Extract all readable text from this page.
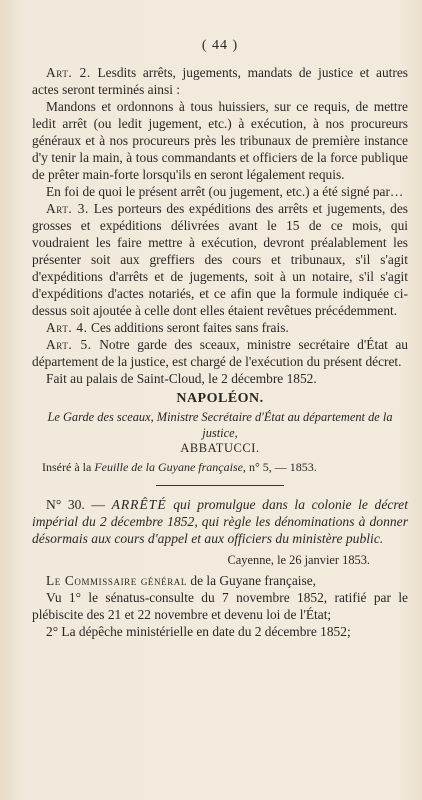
( 44 )

Art. 2. Lesdits arrêts, jugements, mandats de justice et autres actes seront terminés ainsi :

Mandons et ordonnons à tous huissiers, sur ce requis, de mettre ledit arrêt (ou ledit jugement, etc.) à exécution, à nos procureurs généraux et à nos procureurs près les tribunaux de première instance d'y tenir la main, à tous commandants et officiers de la force publique de prêter main-forte lorsqu'ils en seront légalement requis.

En foi de quoi le présent arrêt (ou jugement, etc.) a été signé par…

Art. 3. Les porteurs des expéditions des arrêts et jugements, des grosses et expéditions délivrées avant le 15 de ce mois, qui voudraient les faire mettre à exécution, devront préalablement les présenter soit aux greffiers des cours et tribunaux, s'il s'agit d'expéditions d'arrêts et de jugements, soit à un notaire, s'il s'agit d'expéditions d'actes notariés, et ce afin que la formule indiquée ci-dessus soit ajoutée à celle dont elles étaient revêtues précédemment.

Art. 4. Ces additions seront faites sans frais.

Art. 5. Notre garde des sceaux, ministre secrétaire d'État au département de la justice, est chargé de l'exécution du présent décret.

Fait au palais de Saint-Cloud, le 2 décembre 1852.

NAPOLÉON.
Le Garde des sceaux, Ministre Secrétaire d'État au département de la justice,
ABBATUCCI.
Inséré à la Feuille de la Guyane française, n° 5, — 1853.

N° 30. — ARRÊTÉ qui promulgue dans la colonie le décret impérial du 2 décembre 1852, qui règle les dénominations à donner désormais aux cours d'appel et aux officiers du ministère public.

Cayenne, le 26 janvier 1853.

Le Commissaire général de la Guyane française,

Vu 1° le sénatus-consulte du 7 novembre 1852, ratifié par le plébiscite des 21 et 22 novembre et devenu loi de l'État;

2° La dépêche ministérielle en date du 2 décembre 1852;
